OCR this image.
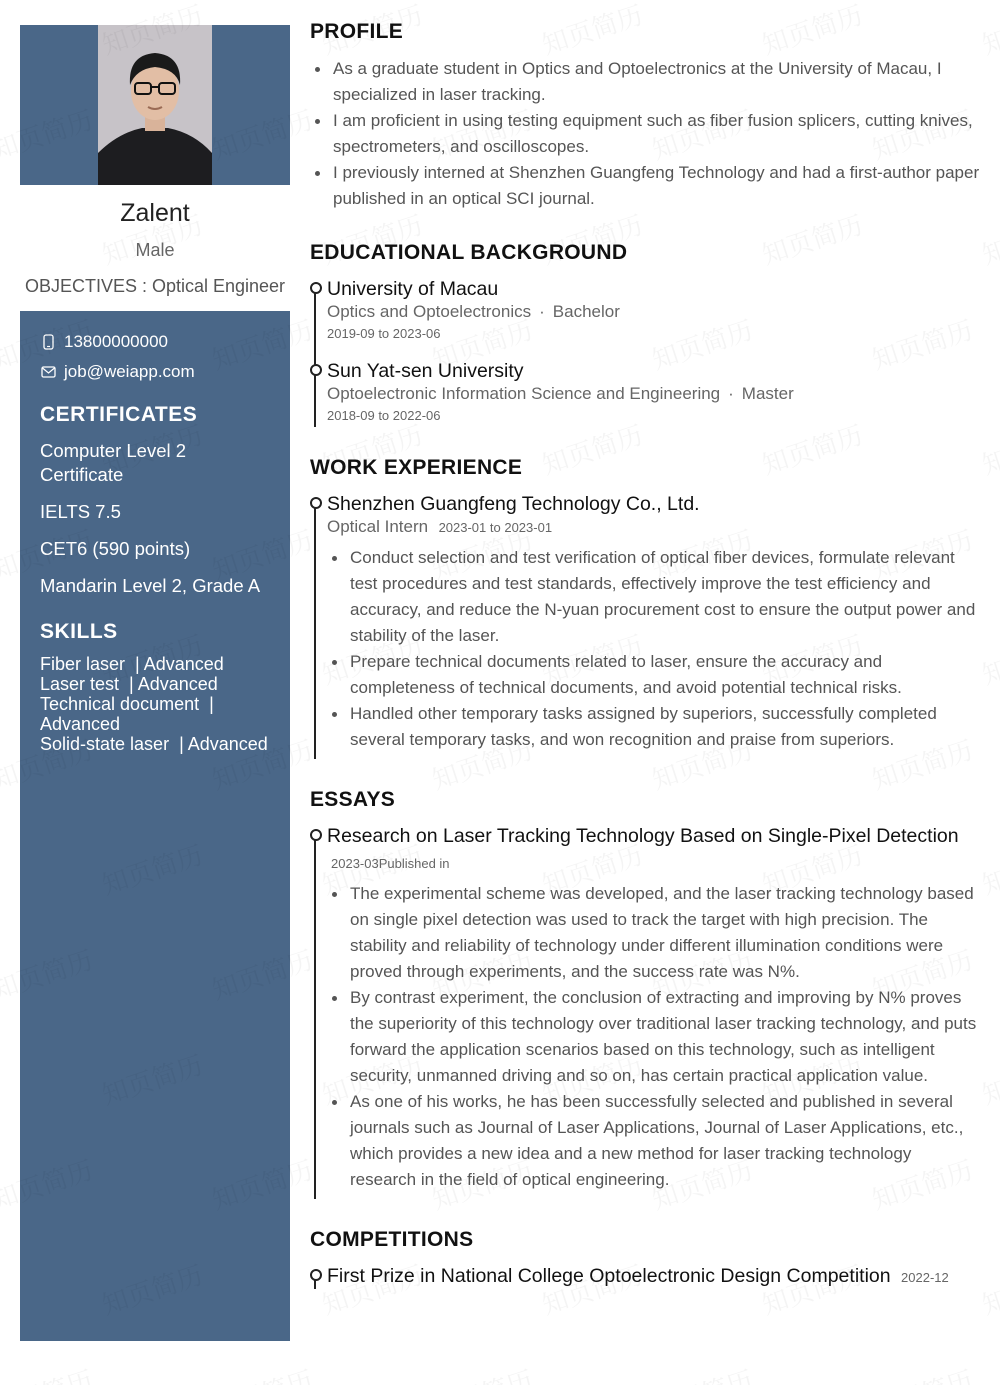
Zalent
Male
OBJECTIVES : Optical Engineer
13800000000
job@weiapp.com
CERTIFICATES
Computer Level 2 Certificate
IELTS 7.5
CET6 (590 points)
Mandarin Level 2, Grade A
SKILLS
Fiber laser  | Advanced
Laser test  | Advanced
Technical document  | Advanced
Solid-state laser  | Advanced
PROFILE
As a graduate student in Optics and Optoelectronics at the University of Macau, I specialized in laser tracking.
I am proficient in using testing equipment such as fiber fusion splicers, cutting knives, spectrometers, and oscilloscopes.
I previously interned at Shenzhen Guangfeng Technology and had a first-author paper published in an optical SCI journal.
EDUCATIONAL BACKGROUND
University of Macau
Optics and Optoelectronics · Bachelor
2019-09 to 2023-06
Sun Yat-sen University
Optoelectronic Information Science and Engineering · Master
2018-09 to 2022-06
WORK EXPERIENCE
Shenzhen Guangfeng Technology Co., Ltd.
Optical Intern 2023-01 to 2023-01
Conduct selection and test verification of optical fiber devices, formulate relevant test procedures and test standards, effectively improve the test efficiency and accuracy, and reduce the N-yuan procurement cost to ensure the output power and stability of the laser.
Prepare technical documents related to laser, ensure the accuracy and completeness of technical documents, and avoid potential technical risks.
Handled other temporary tasks assigned by superiors, successfully completed several temporary tasks, and won recognition and praise from superiors.
ESSAYS
Research on Laser Tracking Technology Based on Single-Pixel Detection 2023-03Published in
The experimental scheme was developed, and the laser tracking technology based on single pixel detection was used to track the target with high precision. The stability and reliability of technology under different illumination conditions were proved through experiments, and the success rate was N%.
By contrast experiment, the conclusion of extracting and improving by N% proves the superiority of this technology over traditional laser tracking technology, and puts forward the application scenarios based on this technology, such as intelligent security, unmanned driving and so on, has certain practical application value.
As one of his works, he has been successfully selected and published in several journals such as Journal of Laser Applications, Journal of Laser Applications, etc., which provides a new idea and a new method for laser tracking technology research in the field of optical engineering.
COMPETITIONS
First Prize in National College Optoelectronic Design Competition 2022-12
